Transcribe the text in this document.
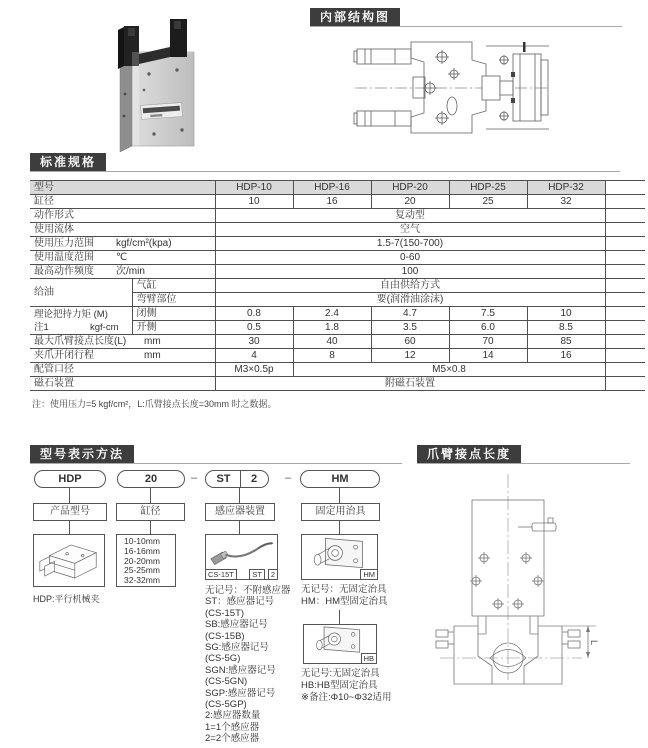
内部结构图
标准规格
型号		HDP-10	HDP-16	HDP-20	HDP-25	HDP-32	
缸径		10	16	20	25	32	
动作形式		复动型					
使用流体		空气					
使用压力范围 kgf/cm²(kpa)		1.5-7(150-700)					
使用温度范围 ℃		0-60					
最高动作频度 次/min		100					
给油	气缸	自由供给方式					
	弯臂部位	要(润滑油涂沫)					

理论把持力矩 (M)
注1 kgf-cm	闭侧	0.8	2.4	4.7	7.5	10	
	开侧	0.5	1.8	3.5	6.0	8.5	
最大爪臂接点长度(L) mm		30	40	60	70	85	
夹爪开闭行程 mm		4	8	12	14	16	
配管口径		M3×0.5p	M5×0.8				
磁石装置		附磁石装置					
注：使用压力=5 kgf/cm²，L:爪臂接点长度=30mm 时之数据。
型号表示方法
HDP	20	–	ST 2	–	HM
产品型号	缸径	感应器装置	固定用治具
HDP:平行机械夹
10-10mm
16-16mm
20-20mm
25-25mm
32-32mm
CS-15T	ST	2
无记号：不附感应器
ST：感应器记号
(CS-15T)
SB:感应器记号
(CS-15B)
SG:感应器记号
(CS-5G)
SGN:感应器记号
(CS-5GN)
SGP:感应器记号
(CS-5GP)
2:感应器数量
1=1个感应器
2=2个感应器
HM
无记号：无固定治具
HM：HM型固定治具
HB
无记号:无固定治具
HB:HB型固定治具
※备注:Φ10~Φ32适用
爪臂接点长度
L
